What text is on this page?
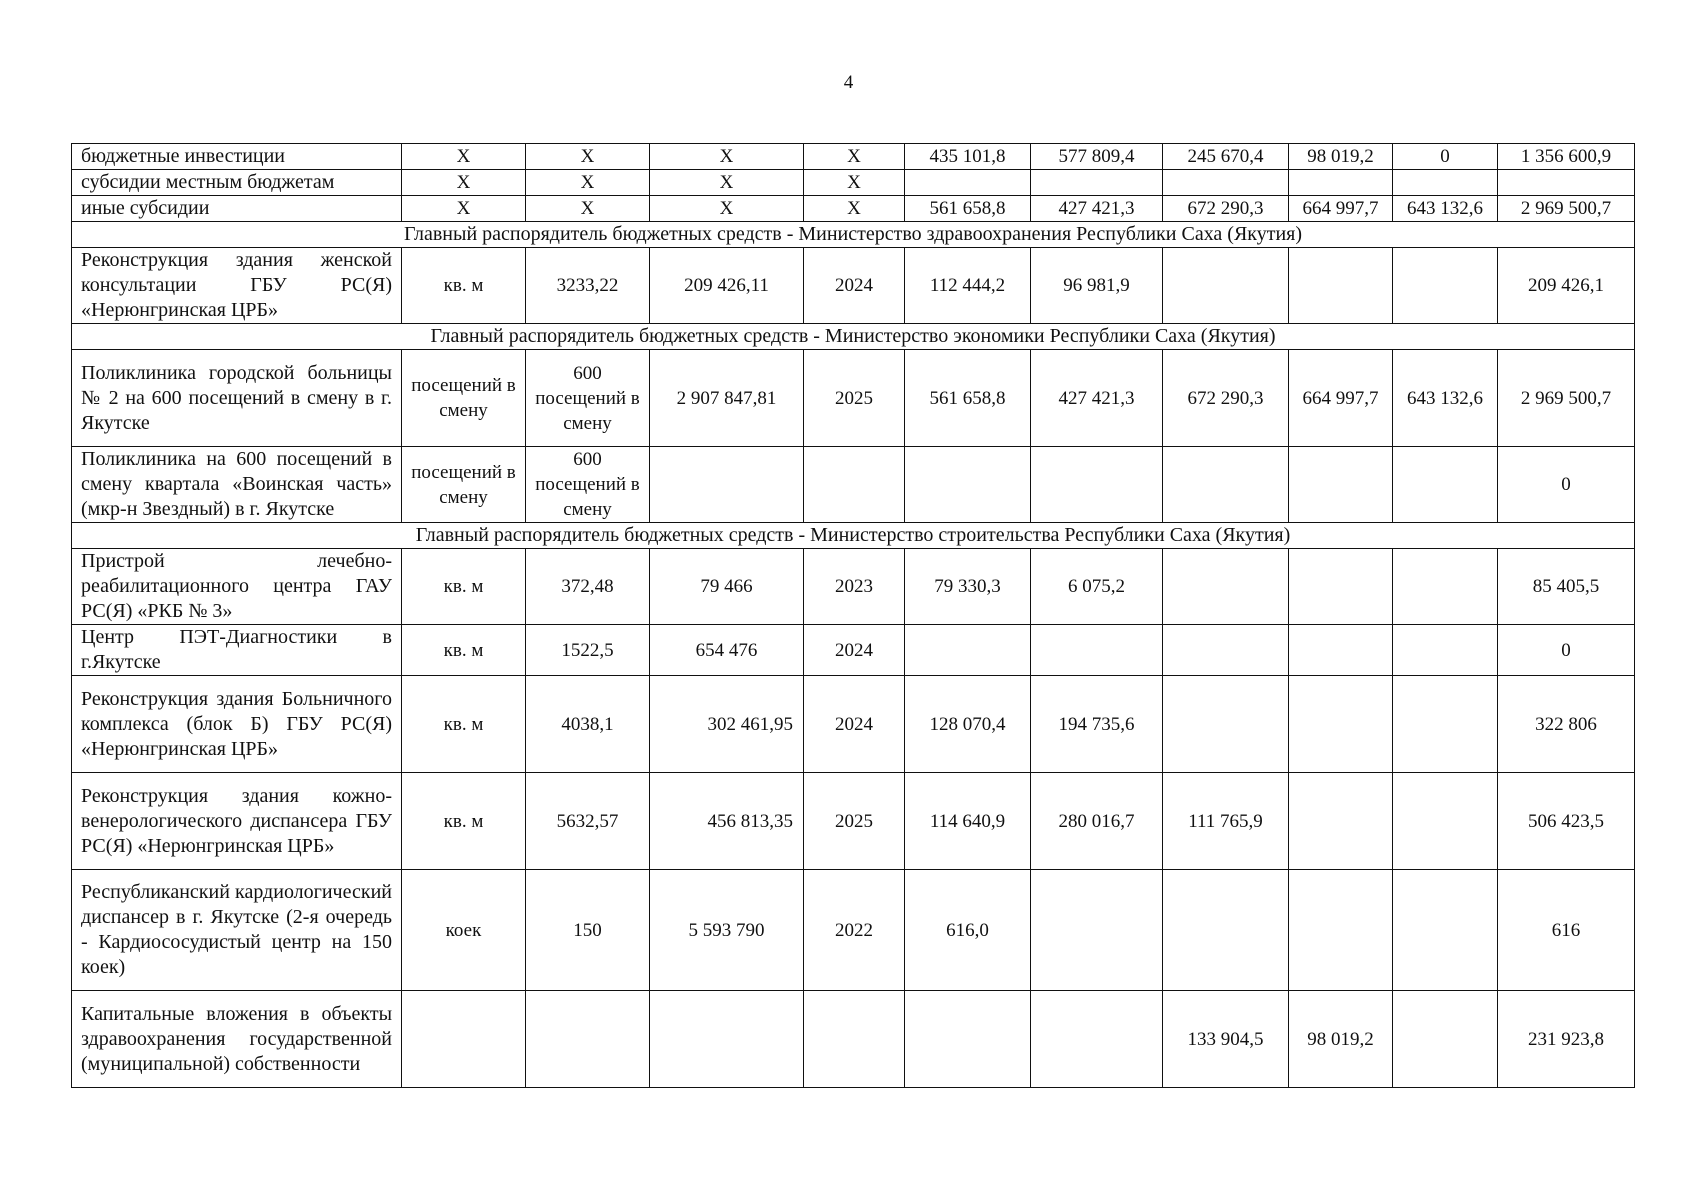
4
бюджетные инвестиции	Х	Х	Х	Х	435 101,8	577 809,4	245 670,4	98 019,2	0	1 356 600,9
субсидии местным бюджетам	Х	Х	Х	Х						
иные субсидии	Х	Х	Х	Х	561 658,8	427 421,3	672 290,3	664 997,7	643 132,6	2 969 500,7
Главный распорядитель бюджетных средств - Министерство здравоохранения Республики Саха (Якутия)										
Реконструкция здания женской консультации ГБУ РС(Я) «Нерюнгринская ЦРБ»	кв. м	3233,22	209 426,11	2024	112 444,2	96 981,9				209 426,1
Главный распорядитель бюджетных средств - Министерство экономики Республики Саха (Якутия)										
Поликлиника городской больницы № 2 на 600 посещений в смену в г. Якутске	посещений в смену	600 посещений в смену	2 907 847,81	2025	561 658,8	427 421,3	672 290,3	664 997,7	643 132,6	2 969 500,7
Поликлиника на 600 посещений в смену квартала «Воинская часть» (мкр-н Звездный) в г. Якутске	посещений в смену	600 посещений в смену								0
Главный распорядитель бюджетных средств - Министерство строительства Республики Саха (Якутия)										
Пристрой лечебно-реабилитационного центра ГАУ РС(Я) «РКБ № 3»	кв. м	372,48	79 466	2023	79 330,3	6 075,2				85 405,5
Центр ПЭТ-Диагностики в г.Якутске	кв. м	1522,5	654 476	2024						0
Реконструкция здания Больничного комплекса (блок Б) ГБУ РС(Я) «Нерюнгринская ЦРБ»	кв. м	4038,1	302 461,95	2024	128 070,4	194 735,6				322 806
Реконструкция здания кожно-венерологического диспансера ГБУ РС(Я) «Нерюнгринская ЦРБ»	кв. м	5632,57	456 813,35	2025	114 640,9	280 016,7	111 765,9			506 423,5
Республиканский кардиологический диспансер в г. Якутске (2-я очередь - Кардиососудистый центр на 150 коек)	коек	150	5 593 790	2022	616,0					616
Капитальные вложения в объекты здравоохранения государственной (муниципальной) собственности							133 904,5	98 019,2		231 923,8
